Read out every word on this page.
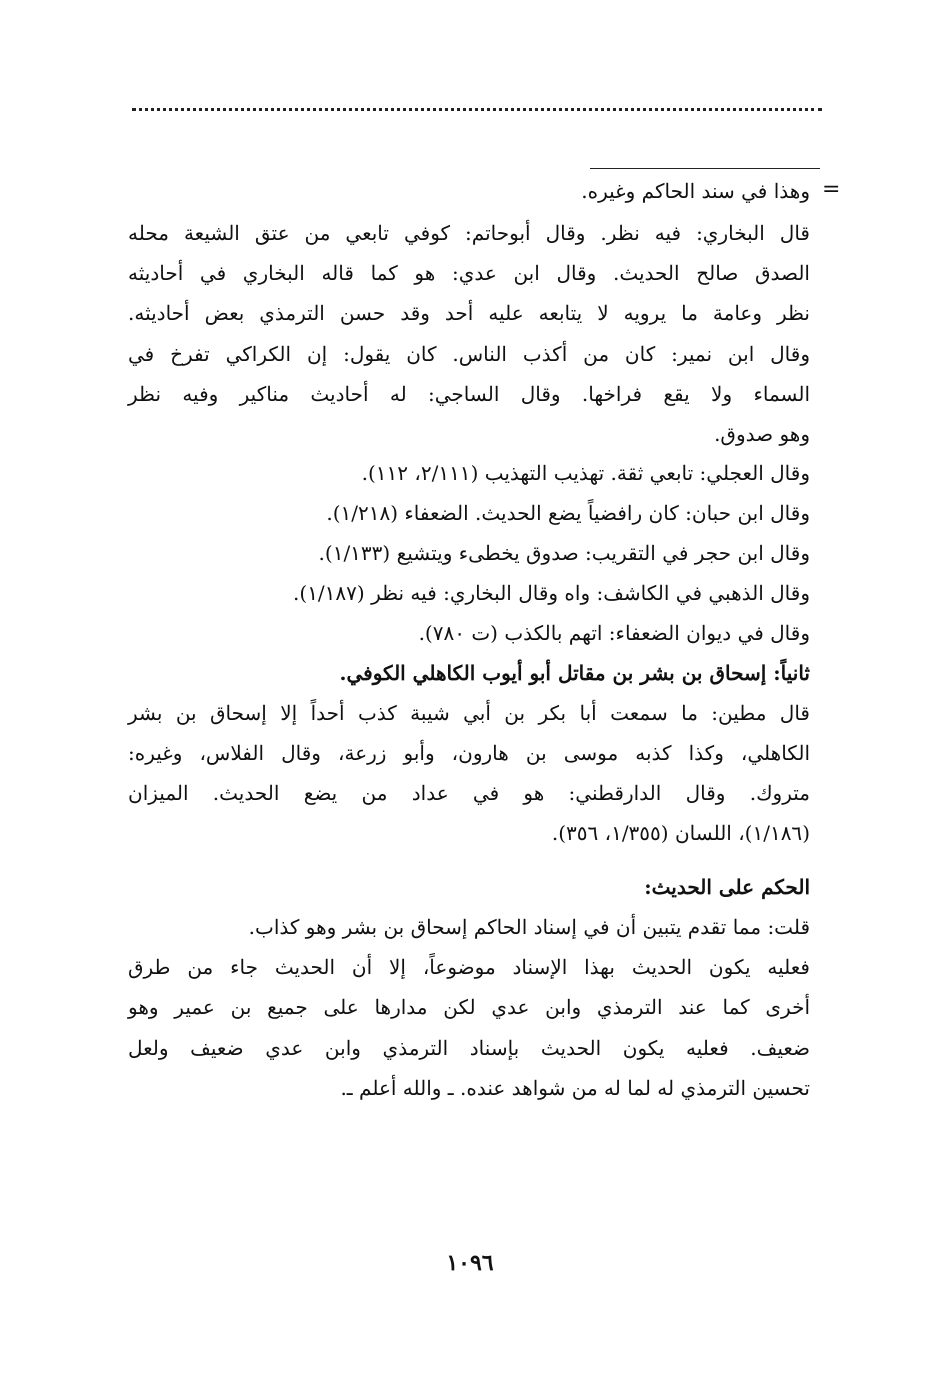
=
وهذا في سند الحاكم وغيره.
قال البخاري: فيه نظر. وقال أبوحاتم: كوفي تابعي من عتق الشيعة محله
الصدق صالح الحديث. وقال ابن عدي: هو كما قاله البخاري في أحاديثه
نظر وعامة ما يرويه لا يتابعه عليه أحد وقد حسن الترمذي بعض أحاديثه.
وقال ابن نمير: كان من أكذب الناس. كان يقول: إن الكراكي تفرخ في
السماء ولا يقع فراخها. وقال الساجي: له أحاديث مناكير وفيه نظر
وهو صدوق.
وقال العجلي: تابعي ثقة. تهذيب التهذيب (٢/١١١، ١١٢).
وقال ابن حبان: كان رافضياً يضع الحديث. الضعفاء (١/٢١٨).
وقال ابن حجر في التقريب: صدوق يخطىء ويتشيع (١/١٣٣).
وقال الذهبي في الكاشف: واه وقال البخاري: فيه نظر (١/١٨٧).
وقال في ديوان الضعفاء: اتهم بالكذب (ت ٧٨٠).
ثانياً: إسحاق بن بشر بن مقاتل أبو أيوب الكاهلي الكوفي.
قال مطين: ما سمعت أبا بكر بن أبي شيبة كذب أحداً إلا إسحاق بن بشر
الكاهلي، وكذا كذبه موسى بن هارون، وأبو زرعة، وقال الفلاس، وغيره:
متروك. وقال الدارقطني: هو في عداد من يضع الحديث. الميزان
(١/١٨٦)، اللسان (١/٣٥٥، ٣٥٦).
الحكم على الحديث:
قلت: مما تقدم يتبين أن في إسناد الحاكم إسحاق بن بشر وهو كذاب.
فعليه يكون الحديث بهذا الإسناد موضوعاً، إلا أن الحديث جاء من طرق
أخرى كما عند الترمذي وابن عدي لكن مدارها على جميع بن عمير وهو
ضعيف. فعليه يكون الحديث بإسناد الترمذي وابن عدي ضعيف ولعل
تحسين الترمذي له لما له من شواهد عنده. ـ والله أعلم ـ.
١٠٩٦
